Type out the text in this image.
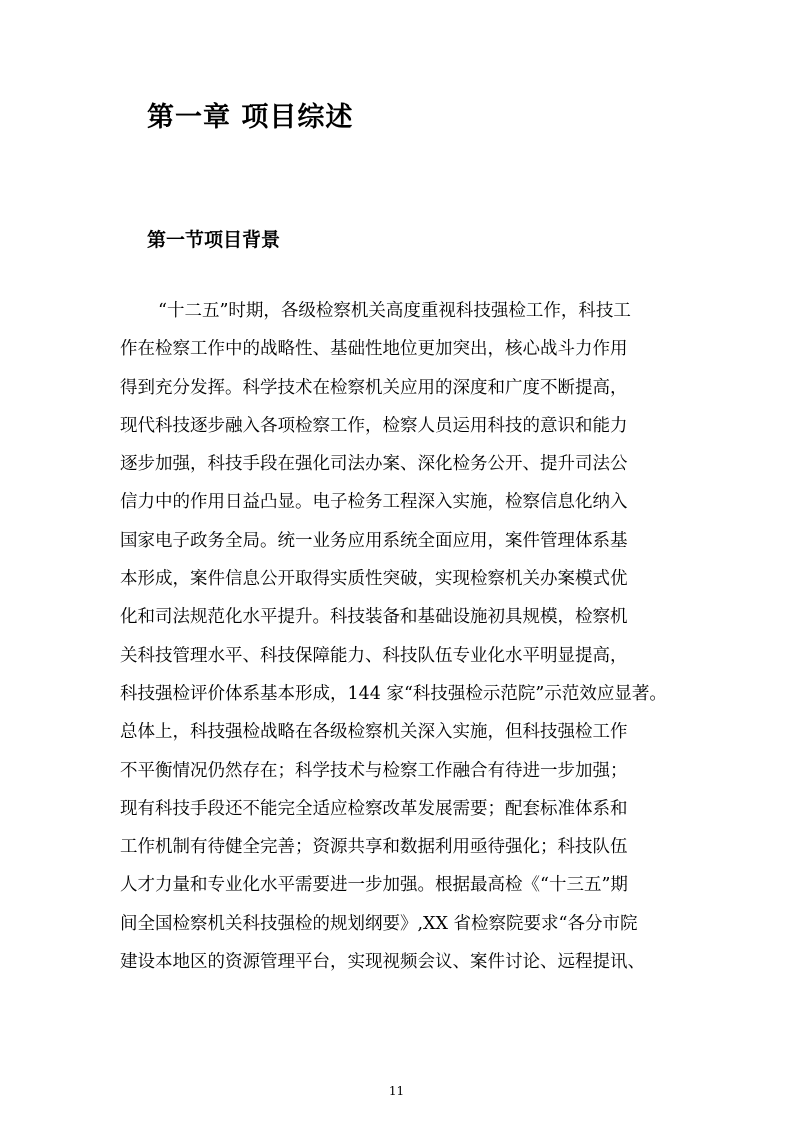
第一章 项目综述
第一节项目背景
“十二五”时期，各级检察机关高度重视科技强检工作，科技工
作在检察工作中的战略性、基础性地位更加突出，核心战斗力作用
得到充分发挥。科学技术在检察机关应用的深度和广度不断提高，
现代科技逐步融入各项检察工作，检察人员运用科技的意识和能力
逐步加强，科技手段在强化司法办案、深化检务公开、提升司法公
信力中的作用日益凸显。电子检务工程深入实施，检察信息化纳入
国家电子政务全局。统一业务应用系统全面应用，案件管理体系基
本形成，案件信息公开取得实质性突破，实现检察机关办案模式优
化和司法规范化水平提升。科技装备和基础设施初具规模，检察机
关科技管理水平、科技保障能力、科技队伍专业化水平明显提高，
科技强检评价体系基本形成，144 家“科技强检示范院”示范效应显著。
总体上，科技强检战略在各级检察机关深入实施，但科技强检工作
不平衡情况仍然存在；科学技术与检察工作融合有待进一步加强；
现有科技手段还不能完全适应检察改革发展需要；配套标准体系和
工作机制有待健全完善；资源共享和数据利用亟待强化；科技队伍
人才力量和专业化水平需要进一步加强。根据最高检《“十三五”期
间全国检察机关科技强检的规划纲要》,XX 省检察院要求“各分市院
建设本地区的资源管理平台，实现视频会议、案件讨论、远程提讯、
11
